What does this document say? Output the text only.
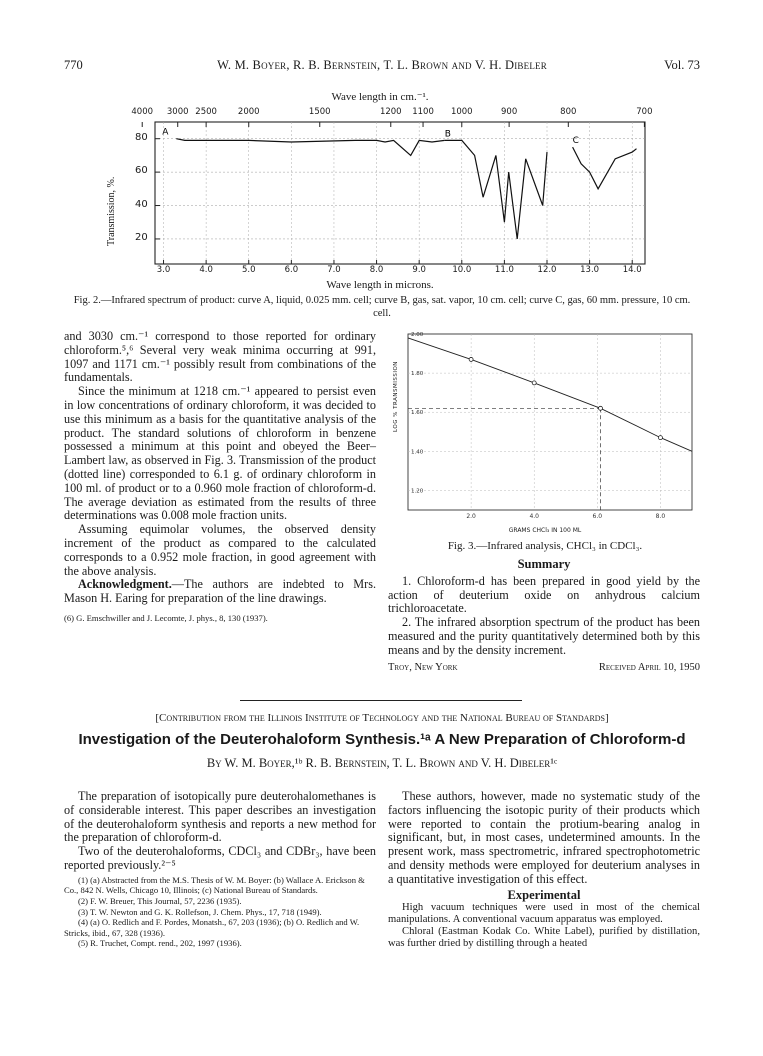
770	W. M. Boyer, R. B. Bernstein, T. L. Brown and V. H. Dibeler	Vol. 73
Wave length in cm.⁻¹.
4000 3000 2500 2000	1500	1200 1100 1000	900	800	700
A	B
C
3.0	4.0	5.0	6.0	7.0	8.0	9.0	10.0	11.0	12.0	13.0	14.0
Wave length in microns.
Transmission, %.
80
60
40
20
Fig. 2.—Infrared spectrum of product: curve A, liquid, 0.025 mm. cell; curve B, gas, sat. vapor, 10 cm. cell; curve C, gas, 60 mm. pressure, 10 cm. cell.

and 3030 cm.⁻¹ correspond to those reported for ordinary chloroform.⁵,⁶ Several very weak minima occurring at 991, 1097 and 1171 cm.⁻¹ possibly result from combinations of the fundamentals.

Since the minimum at 1218 cm.⁻¹ appeared to persist even in low concentrations of ordinary chloroform, it was decided to use this minimum as a basis for the quantitative analysis of the product. The standard solutions of chloroform in benzene possessed a minimum at this point and obeyed the Beer–Lambert law, as observed in Fig. 3. Transmission of the product (dotted line) corresponded to 6.1 g. of ordinary chloroform in 100 ml. of product or to a 0.960 mole fraction of chloroform-d. The average deviation as estimated from the results of three determinations was 0.008 mole fraction units.

Assuming equimolar volumes, the observed density increment of the product as compared to the calculated corresponds to a 0.952 mole fraction, in good agreement with the above analysis.

Acknowledgment.—The authors are indebted to Mrs. Mason H. Earing for preparation of the line drawings.

(6) G. Emschwiller and J. Lecomte, J. phys., 8, 130 (1937).

2.00
1.80
1.60
1.40
1.20
2.0	4.0	6.0	8.0
LOG % TRANSMISSION
GRAMS CHCl₃ IN 100 ML
Fig. 3.—Infrared analysis, CHCl₃ in CDCl₃.

Summary

1. Chloroform-d has been prepared in good yield by the action of deuterium oxide on anhydrous calcium trichloroacetate.

2. The infrared absorption spectrum of the product has been measured and the purity quantitatively determined both by this means and by the density increment.

Troy, New York	Received April 10, 1950
[Contribution from the Illinois Institute of Technology and the National Bureau of Standards]
Investigation of the Deuterohaloform Synthesis.¹ᵃ A New Preparation of Chloroform-d
By W. M. Boyer,¹ᵇ R. B. Bernstein, T. L. Brown and V. H. Dibeler¹ᶜ

The preparation of isotopically pure deuterohalomethanes is of considerable interest. This paper describes an investigation of the deuterohaloform synthesis and reports a new method for the preparation of chloroform-d.

Two of the deuterohaloforms, CDCl₃ and CDBr₃, have been reported previously.²⁻⁵

(1) (a) Abstracted from the M.S. Thesis of W. M. Boyer: (b) Wallace A. Erickson & Co., 842 N. Wells, Chicago 10, Illinois; (c) National Bureau of Standards.

(2) F. W. Breuer, This Journal, 57, 2236 (1935).

(3) T. W. Newton and G. K. Rollefson, J. Chem. Phys., 17, 718 (1949).

(4) (a) O. Redlich and F. Pordes, Monatsh., 67, 203 (1936); (b) O. Redlich and W. Stricks, ibid., 67, 328 (1936).

(5) R. Truchet, Compt. rend., 202, 1997 (1936).

These authors, however, made no systematic study of the factors influencing the isotopic purity of their products which were reported to contain the protium-bearing analog in significant, but, in most cases, undetermined amounts. In the present work, mass spectrometric, infrared spectrophotometric and density methods were employed for deuterium analyses in a quantitative investigation of this effect.

Experimental

High vacuum techniques were used in most of the chemical manipulations. A conventional vacuum apparatus was employed.

Chloral (Eastman Kodak Co. White Label), purified by distillation, was further dried by distilling through a heated
